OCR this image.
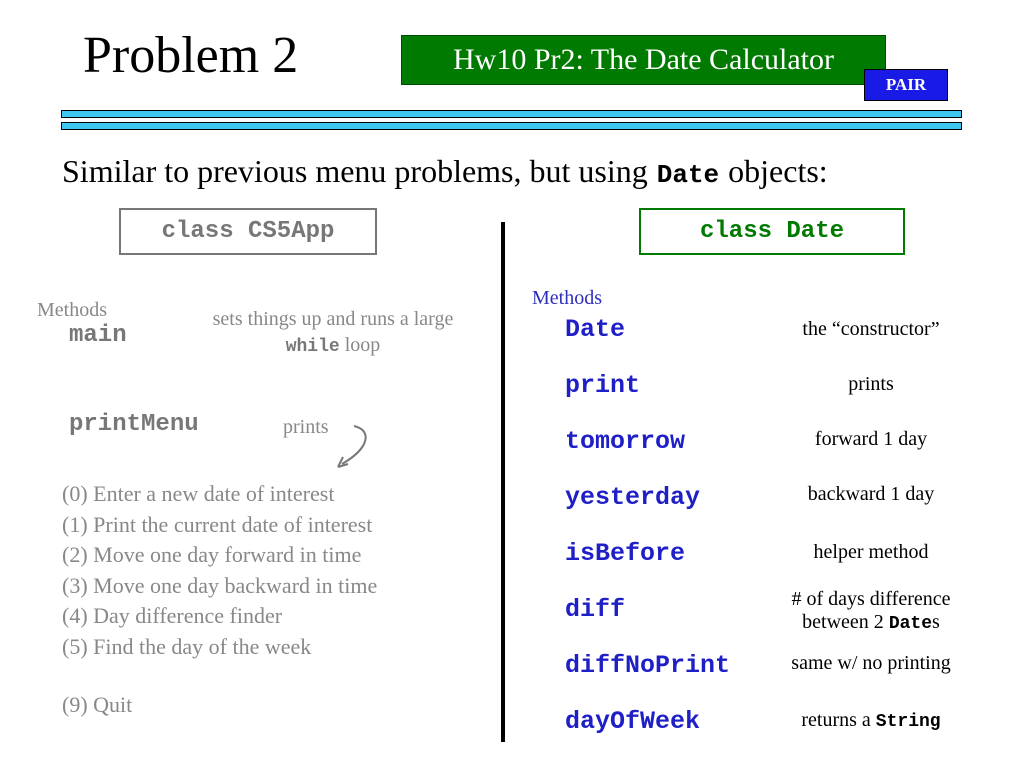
Problem 2	Hw10 Pr2: The Date Calculator
PAIR
Similar to previous menu problems, but using Date objects:
class CS5App
Methods
main
sets things up and runs a large while loop
printMenu	prints
(0) Enter a new date of interest
(1) Print the current date of interest
(2) Move one day forward in time
(3) Move one day backward in time
(4) Day difference finder
(5) Find the day of the week
(9) Quit
class Date
Methods
Date	the “constructor”
print	prints
tomorrow	forward 1 day
yesterday	backward 1 day
isBefore	helper method
diff	# of days difference
between 2 Dates
diffNoPrint	same w/ no printing
dayOfWeek	returns a String
